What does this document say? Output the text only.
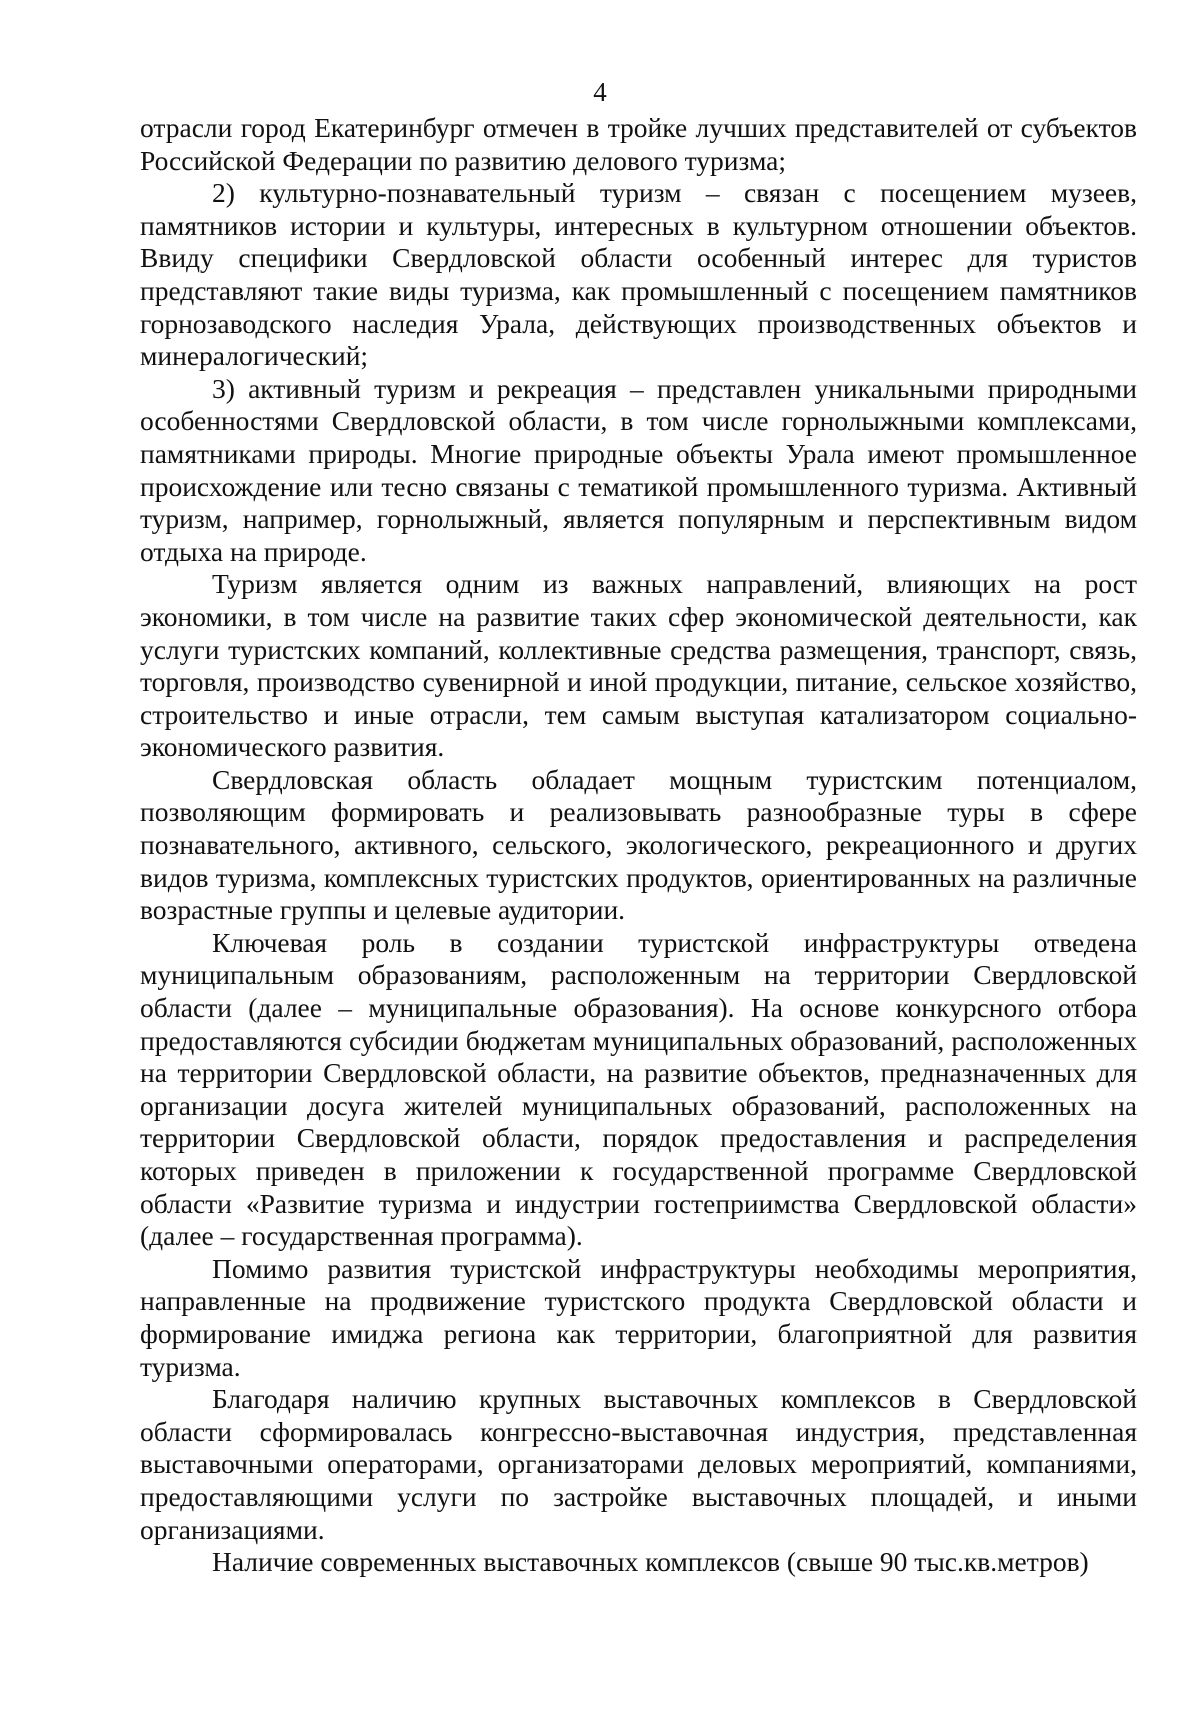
4

отрасли город Екатеринбург отмечен в тройке лучших представителей от субъектов Российской Федерации по развитию делового туризма;

2) культурно-познавательный туризм – связан с посещением музеев, памятников истории и культуры, интересных в культурном отношении объектов. Ввиду специфики Свердловской области особенный интерес для туристов представляют такие виды туризма, как промышленный с посещением памятников горнозаводского наследия Урала, действующих производственных объектов и минералогический;

3) активный туризм и рекреация – представлен уникальными природными особенностями Свердловской области, в том числе горнолыжными комплексами, памятниками природы. Многие природные объекты Урала имеют промышленное происхождение или тесно связаны с тематикой промышленного туризма. Активный туризм, например, горнолыжный, является популярным и перспективным видом отдыха на природе.

Туризм является одним из важных направлений, влияющих на рост экономики, в том числе на развитие таких сфер экономической деятельности, как услуги туристских компаний, коллективные средства размещения, транспорт, связь, торговля, производство сувенирной и иной продукции, питание, сельское хозяйство, строительство и иные отрасли, тем самым выступая катализатором социально-экономического развития.

Свердловская область обладает мощным туристским потенциалом, позволяющим формировать и реализовывать разнообразные туры в сфере познавательного, активного, сельского, экологического, рекреационного и других видов туризма, комплексных туристских продуктов, ориентированных на различные возрастные группы и целевые аудитории.

Ключевая роль в создании туристской инфраструктуры отведена муниципальным образованиям, расположенным на территории Свердловской области (далее – муниципальные образования). На основе конкурсного отбора предоставляются субсидии бюджетам муниципальных образований, расположенных на территории Свердловской области, на развитие объектов, предназначенных для организации досуга жителей муниципальных образований, расположенных на территории Свердловской области, порядок предоставления и распределения которых приведен в приложении к государственной программе Свердловской области «Развитие туризма и индустрии гостеприимства Свердловской области» (далее – государственная программа).

Помимо развития туристской инфраструктуры необходимы мероприятия, направленные на продвижение туристского продукта Свердловской области и формирование имиджа региона как территории, благоприятной для развития туризма.

Благодаря наличию крупных выставочных комплексов в Свердловской области сформировалась конгрессно-выставочная индустрия, представленная выставочными операторами, организаторами деловых мероприятий, компаниями, предоставляющими услуги по застройке выставочных площадей, и иными организациями.

Наличие современных выставочных комплексов (свыше 90 тыс.кв.метров)
